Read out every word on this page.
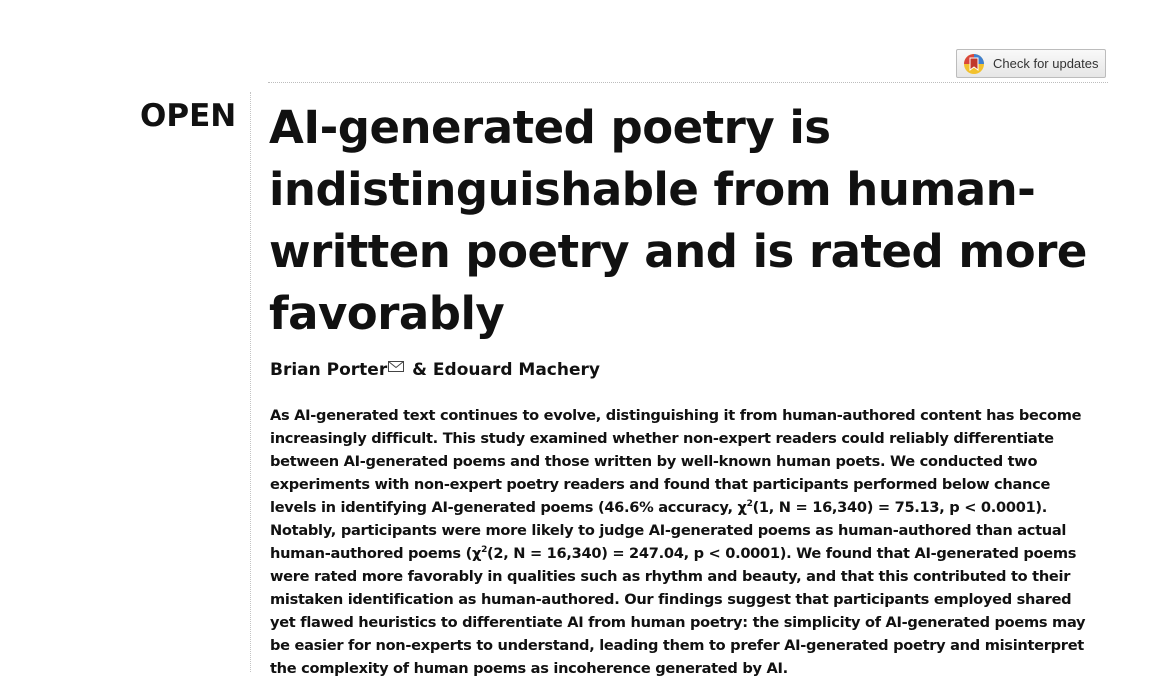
Check for updates
OPEN AI-generated poetry is
indistinguishable from human-
written poetry and is rated more
favorably
Brian Porter & Edouard Machery
As AI-generated text continues to evolve, distinguishing it from human-authored content has become
increasingly difficult. This study examined whether non-expert readers could reliably differentiate
between AI-generated poems and those written by well-known human poets. We conducted two
experiments with non-expert poetry readers and found that participants performed below chance
levels in identifying AI-generated poems (46.6% accuracy, $\chi^2(1$, N = 16,340) = 75.13, p < 0.0001).
Notably, participants were more likely to judge AI-generated poems as human-authored than actual
human-authored poems ($\chi^2(2$, N = 16,340) = 247.04, p < 0.0001). We found that AI-generated poems
were rated more favorably in qualities such as rhythm and beauty, and that this contributed to their
mistaken identification as human-authored. Our findings suggest that participants employed shared
yet flawed heuristics to differentiate AI from human poetry: the simplicity of AI-generated poems may
be easier for non-experts to understand, leading them to prefer AI-generated poetry and misinterpret
the complexity of human poems as incoherence generated by AI.
